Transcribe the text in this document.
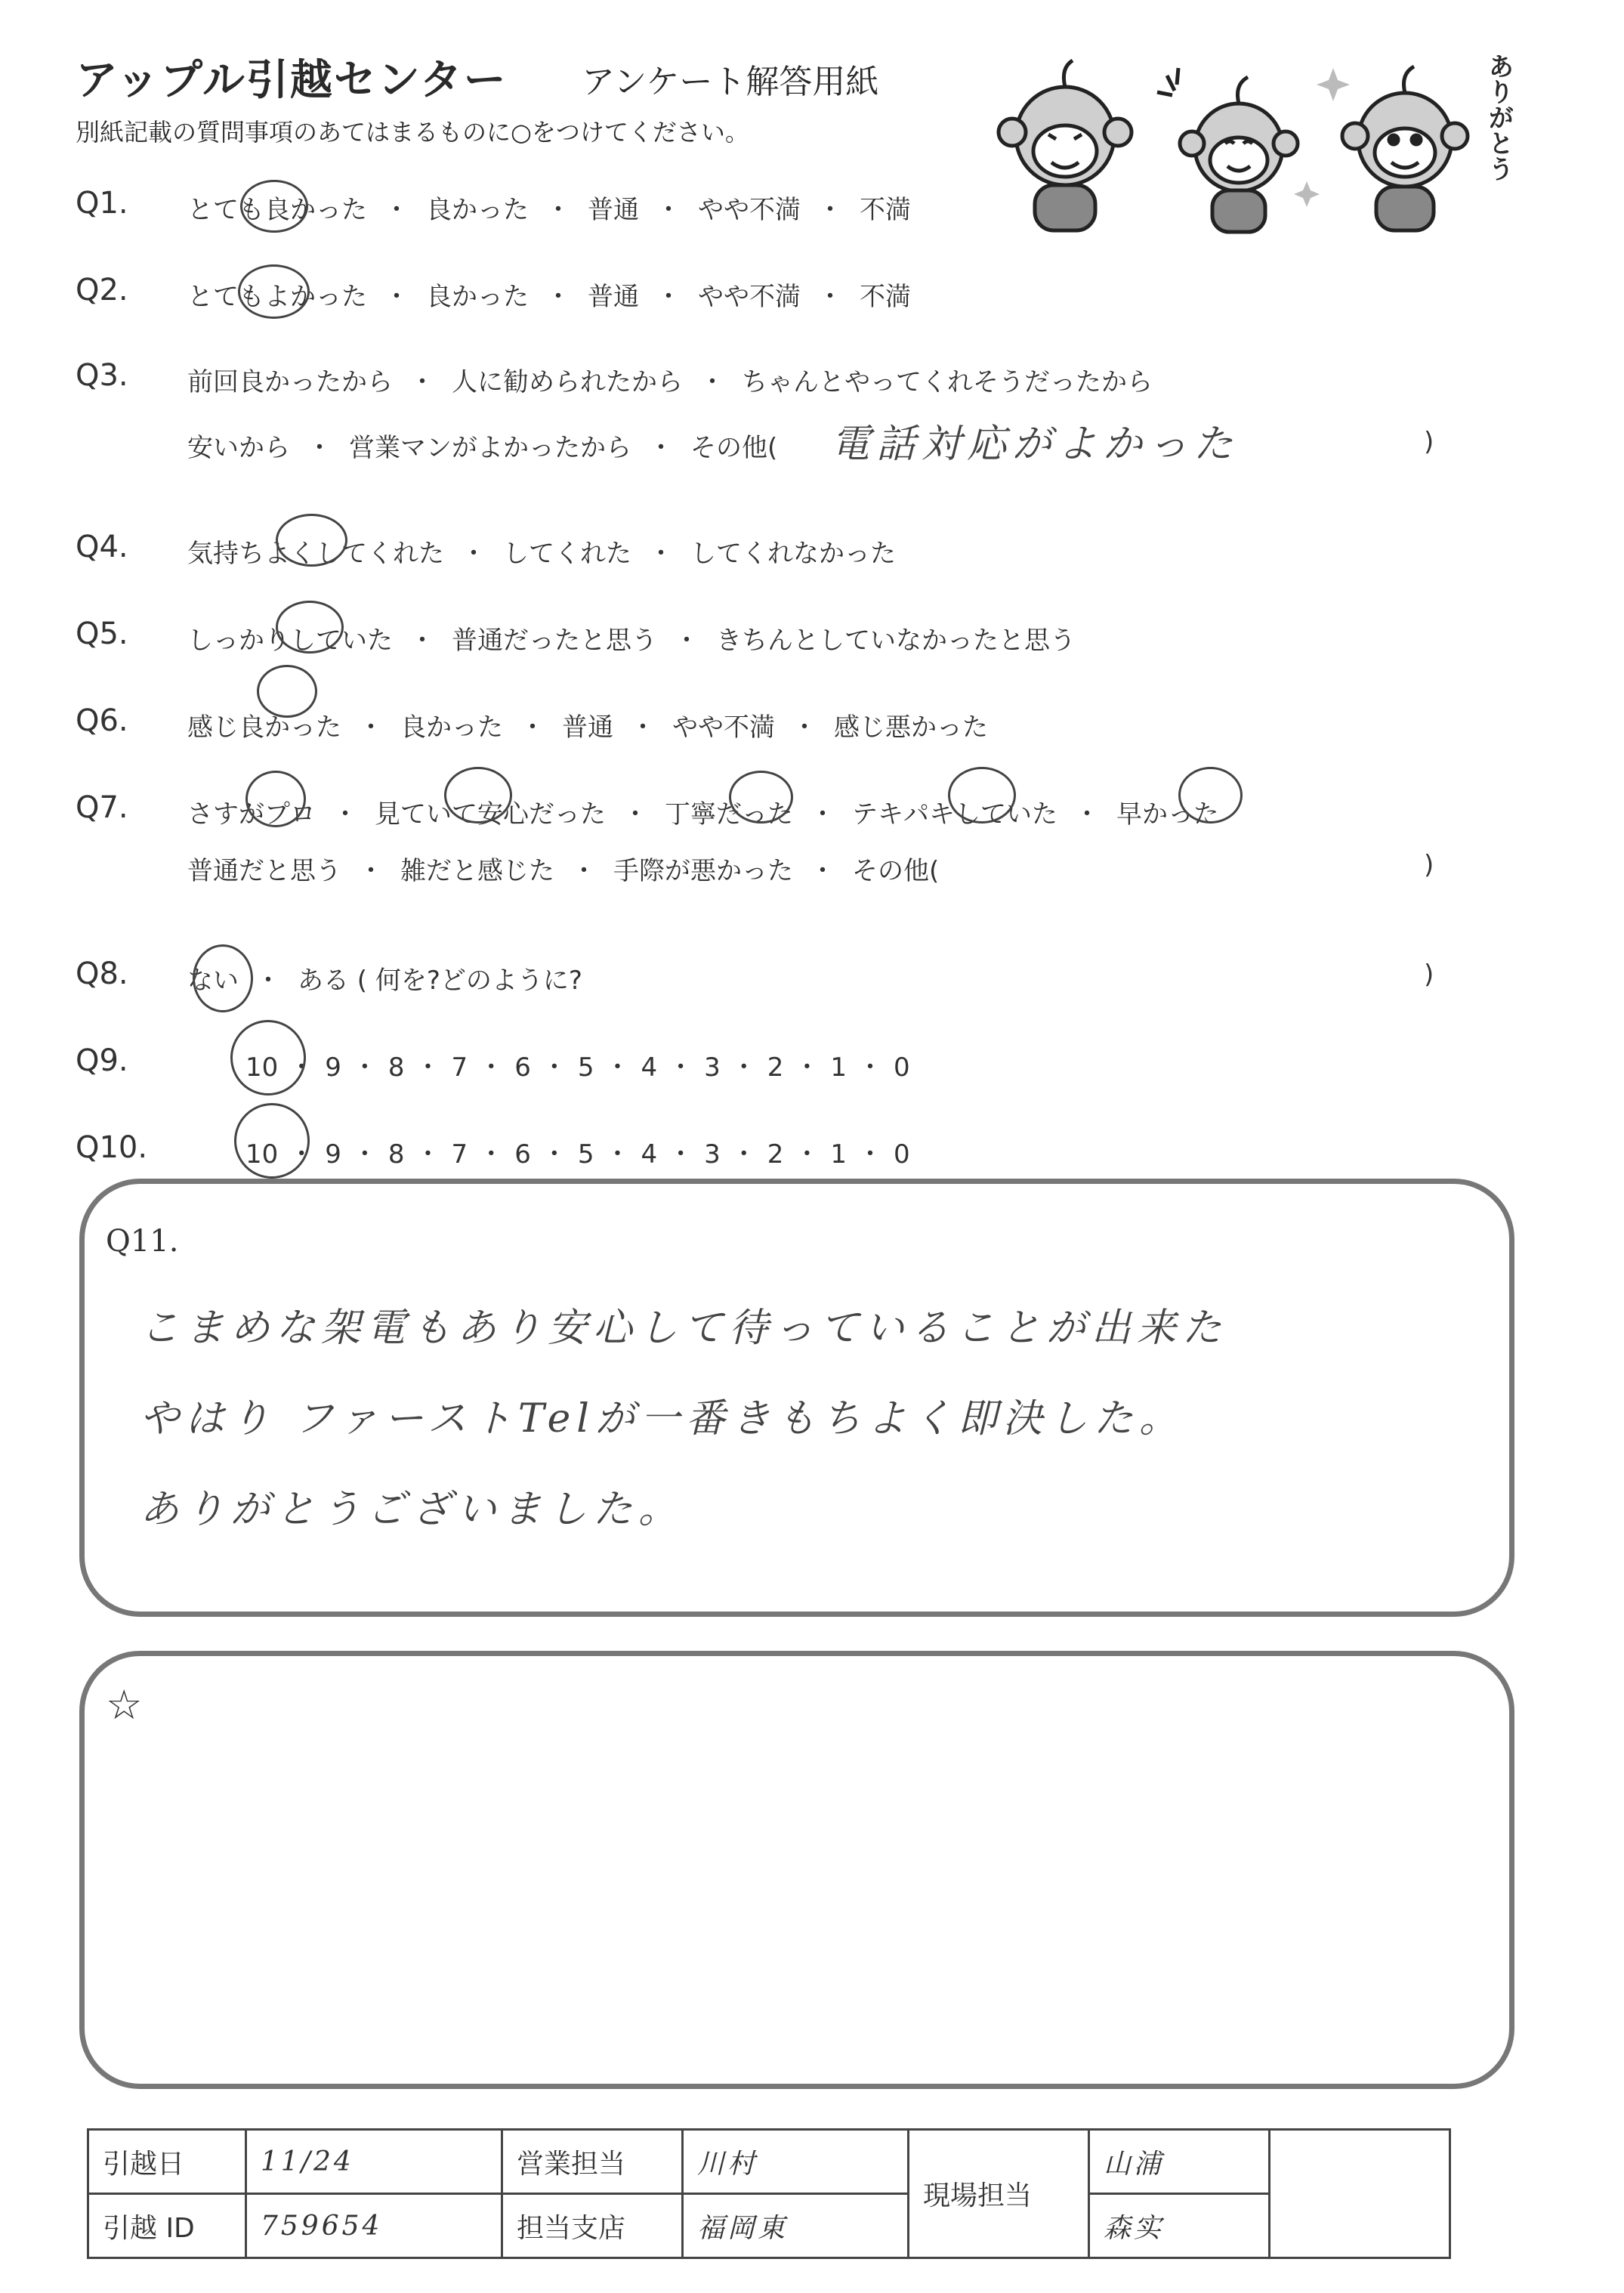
アップル引越センター アンケート解答用紙
別紙記載の質問事項のあてはまるものに○をつけてください。	ありがとう
Q1. とても良かった ・ 良かった ・ 普通 ・ やや不満 ・ 不満
Q2. とてもよかった ・ 良かった ・ 普通 ・ やや不満 ・ 不満
Q3. 前回良かったから ・ 人に勧められたから ・ ちゃんとやってくれそうだったから
安いから ・ 営業マンがよかったから ・ その他(	)
Q4. 気持ちよくしてくれた ・ してくれた ・ してくれなかった
Q5. しっかりしていた ・ 普通だったと思う ・ きちんとしていなかったと思う
Q6. 感じ良かった ・ 良かった ・ 普通 ・ やや不満 ・ 感じ悪かった
Q7. さすがプロ ・ 見ていて安心だった ・ 丁寧だった ・ テキパキしていた ・ 早かった
普通だと思う ・ 雑だと感じた ・ 手際が悪かった ・ その他(	)
Q8. ない ・ ある ( 何を?どのように?	)
Q9.	10 ・ 9 ・ 8 ・ 7 ・ 6 ・ 5 ・ 4 ・ 3 ・ 2 ・ 1 ・ 0
Q10.	10 ・ 9 ・ 8 ・ 7 ・ 6 ・ 5 ・ 4 ・ 3 ・ 2 ・ 1 ・ 0
電話対応がよかった
Q11.
こまめな架電もあり安心して待っていることが出来た
やはり ファーストTelが一番きもちよく即決した。
ありがとうございました。
☆
引越日	11/24	営業担当	川村	現場担当	山浦	
引越 ID	759654	担当支店	福岡東		森实	
